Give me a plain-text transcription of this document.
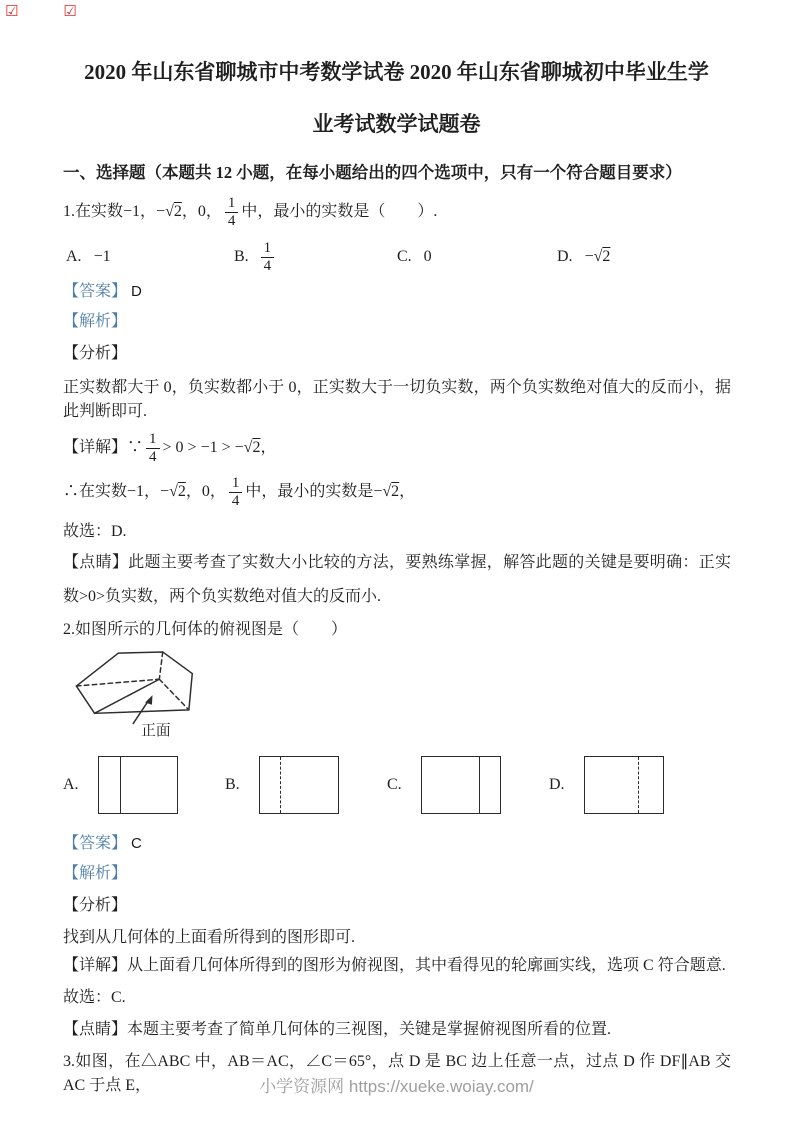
☑	☑
2020 年山东省聊城市中考数学试卷 2020 年山东省聊城初中毕业生学
业考试数学试题卷
一、选择题（本题共 12 小题，在每小题给出的四个选项中，只有一个符合题目要求）
1.在实数−1，−√2，0， $\frac{1}{4}$ 中，最小的实数是（　　）.
A. −1	B. $\frac{1}{4}$	C. 0	D. −√2
【答案】 D
【解析】
【分析】
正实数都大于 0，负实数都小于 0，正实数大于一切负实数，两个负实数绝对值大的反而小，据此判断即可.
【详解】∵ $\frac{1}{4} > 0 > -1 > -√2$，
∴在实数−1，−√2，0， $\frac{1}{4}$ 中，最小的实数是−√2，
故选：D.
【点睛】此题主要考查了实数大小比较的方法，要熟练掌握，解答此题的关键是要明确：正实数>0>负实数，两个负实数绝对值大的反而小.
2.如图所示的几何体的俯视图是（　　）
正面
A.	B.	C.	D.
【答案】 C
【解析】
【分析】
找到从几何体的上面看所得到的图形即可.
【详解】从上面看几何体所得到的图形为俯视图，其中看得见的轮廓画实线，选项 C 符合题意.
故选：C.
【点睛】本题主要考查了简单几何体的三视图，关键是掌握俯视图所看的位置.
3.如图，在△ABC 中，AB＝AC，∠C＝65°，点 D 是 BC 边上任意一点，过点 D 作 DF∥AB 交 AC 于点 E，	小学资源网 https://xueke.woiay.com/
